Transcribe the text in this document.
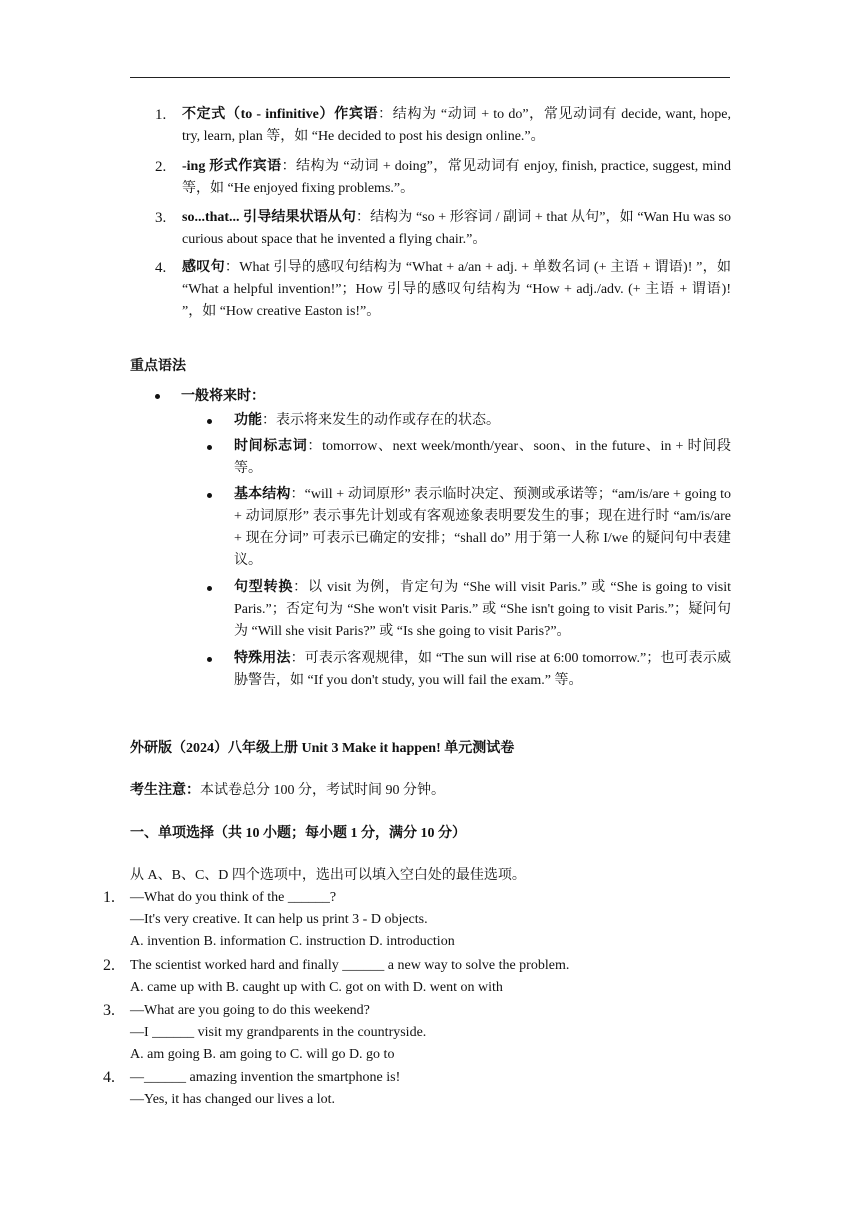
1.	不定式（to - infinitive）作宾语：结构为 “动词 + to do”，常见动词有 decide, want, hope, try, learn, plan 等，如 “He decided to post his design online.”。
2.	-ing 形式作宾语：结构为 “动词 + doing”，常见动词有 enjoy, finish, practice, suggest, mind 等，如 “He enjoyed fixing problems.”。
3.	so...that... 引导结果状语从句：结构为 “so + 形容词 / 副词 + that 从句”，如 “Wan Hu was so curious about space that he invented a flying chair.”。
4.	感叹句：What 引导的感叹句结构为 “What + a/an + adj. + 单数名词 (+ 主语 + 谓语)! ”，如 “What a helpful invention!”；How 引导的感叹句结构为 “How + adj./adv. (+ 主语 + 谓语)! ”，如 “How creative Easton is!”。
重点语法
一般将来时：
功能：表示将来发生的动作或存在的状态。
时间标志词：tomorrow、next week/month/year、soon、in the future、in + 时间段等。
基本结构：“will + 动词原形” 表示临时决定、预测或承诺等；“am/is/are + going to + 动词原形” 表示事先计划或有客观迹象表明要发生的事；现在进行时 “am/is/are + 现在分词” 可表示已确定的安排；“shall do” 用于第一人称 I/we 的疑问句中表建议。
句型转换：以 visit 为例，肯定句为 “She will visit Paris.” 或 “She is going to visit Paris.”；否定句为 “She won't visit Paris.” 或 “She isn't going to visit Paris.”；疑问句为 “Will she visit Paris?” 或 “Is she going to visit Paris?”。
特殊用法：可表示客观规律，如 “The sun will rise at 6:00 tomorrow.”；也可表示威胁警告，如 “If you don't study, you will fail the exam.” 等。
外研版（2024）八年级上册 Unit 3 Make it happen! 单元测试卷
考生注意：本试卷总分 100 分，考试时间 90 分钟。
一、单项选择（共 10 小题；每小题 1 分，满分 10 分）
从 A、B、C、D 四个选项中，选出可以填入空白处的最佳选项。
1. —What do you think of the ______?
—It's very creative. It can help us print 3 - D objects.
A. invention B. information C. instruction D. introduction
2. The scientist worked hard and finally ______ a new way to solve the problem.
A. came up with B. caught up with C. got on with D. went on with
3. —What are you going to do this weekend?
—I ______ visit my grandparents in the countryside.
A. am going B. am going to C. will go D. go to
4. —______ amazing invention the smartphone is!
—Yes, it has changed our lives a lot.
